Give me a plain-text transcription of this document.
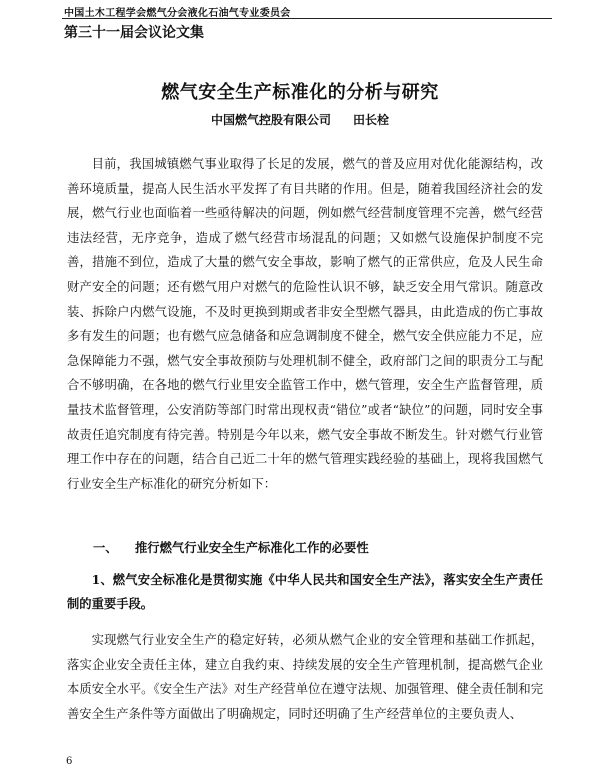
中国土木工程学会燃气分会液化石油气专业委员会
第三十一届会议论文集
燃气安全生产标准化的分析与研究
中国燃气控股有限公司 田长栓

目前，我国城镇燃气事业取得了长足的发展，燃气的普及应用对优化能源结构，改善环境质量，提高人民生活水平发挥了有目共睹的作用。但是，随着我国经济社会的发展，燃气行业也面临着一些亟待解决的问题，例如燃气经营制度管理不完善，燃气经营违法经营，无序竞争，造成了燃气经营市场混乱的问题；又如燃气设施保护制度不完善，措施不到位，造成了大量的燃气安全事故，影响了燃气的正常供应，危及人民生命财产安全的问题；还有燃气用户对燃气的危险性认识不够，缺乏安全用气常识。随意改装、拆除户内燃气设施，不及时更换到期或者非安全型燃气器具，由此造成的伤亡事故多有发生的问题；也有燃气应急储备和应急调制度不健全，燃气安全供应能力不足，应急保障能力不强，燃气安全事故预防与处理机制不健全，政府部门之间的职责分工与配合不够明确，在各地的燃气行业里安全监管工作中，燃气管理，安全生产监督管理，质量技术监督管理，公安消防等部门时常出现权责“错位”或者“缺位”的问题，同时安全事故责任追究制度有待完善。特别是今年以来，燃气安全事故不断发生。针对燃气行业管理工作中存在的问题，结合自己近二十年的燃气管理实践经验的基础上，现将我国燃气行业安全生产标准化的研究分析如下：

一、 推行燃气行业安全生产标准化工作的必要性

1、燃气安全标准化是贯彻实施《中华人民共和国安全生产法》，落实安全生产责任制的重要手段。

实现燃气行业安全生产的稳定好转，必须从燃气企业的安全管理和基础工作抓起，落实企业安全责任主体，建立自我约束、持续发展的安全生产管理机制，提高燃气企业本质安全水平。《安全生产法》对生产经营单位在遵守法规、加强管理、健全责任制和完善安全生产条件等方面做出了明确规定，同时还明确了生产经营单位的主要负责人、

6
